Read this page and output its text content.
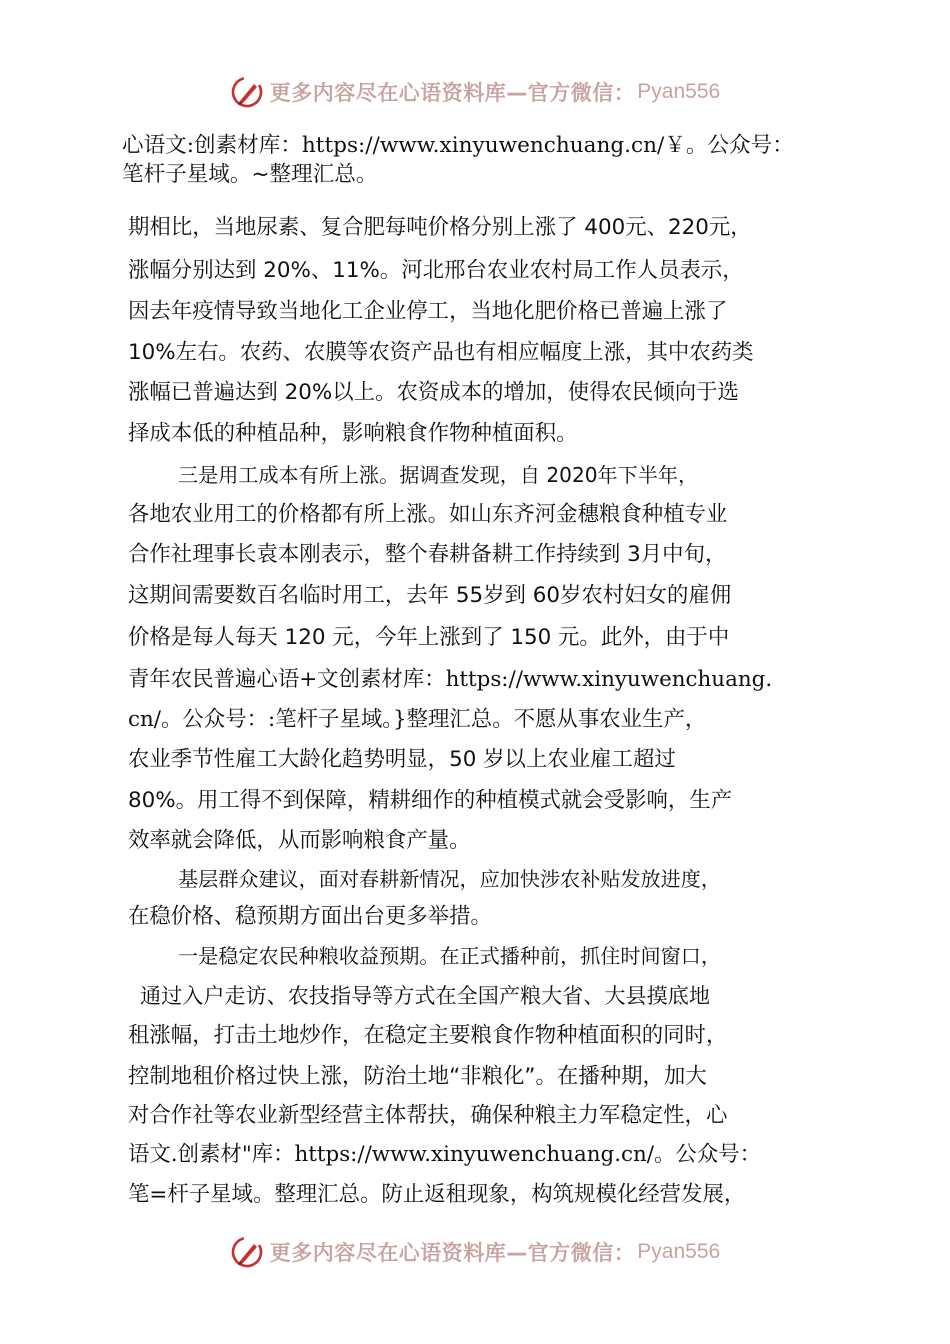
更多内容尽在心语资料库—官方微信： Pyan556

心语文:创素材库：https://www.xinyuwenchuang.cn/￥。公众号：

笔杆子星域。~整理汇总。

期相比，当地尿素、复合肥每吨价格分别上涨了 400元、220元，

涨幅分别达到 20%、11%。河北邢台农业农村局工作人员表示，

因去年疫情导致当地化工企业停工，当地化肥价格已普遍上涨了

10%左右。农药、农膜等农资产品也有相应幅度上涨，其中农药类

涨幅已普遍达到 20%以上。农资成本的增加，使得农民倾向于选

择成本低的种植品种，影响粮食作物种植面积。

三是用工成本有所上涨。据调查发现，自 2020年下半年，

各地农业用工的价格都有所上涨。如山东齐河金穗粮食种植专业

合作社理事长袁本刚表示，整个春耕备耕工作持续到 3月中旬，

这期间需要数百名临时用工，去年 55岁到 60岁农村妇女的雇佣

价格是每人每天 120 元，今年上涨到了 150 元。此外，由于中

青年农民普遍心语+文创素材库：https://www.xinyuwenchuang.

cn/。公众号：:笔杆子星域。}整理汇总。不愿从事农业生产，

农业季节性雇工大龄化趋势明显，50 岁以上农业雇工超过

80%。用工得不到保障，精耕细作的种植模式就会受影响，生产

效率就会降低，从而影响粮食产量。

基层群众建议，面对春耕新情况，应加快涉农补贴发放进度，

在稳价格、稳预期方面出台更多举措。

一是稳定农民种粮收益预期。在正式播种前，抓住时间窗口，

通过入户走访、农技指导等方式在全国产粮大省、大县摸底地

租涨幅，打击土地炒作，在稳定主要粮食作物种植面积的同时，

控制地租价格过快上涨，防治土地“非粮化”。在播种期，加大

对合作社等农业新型经营主体帮扶，确保种粮主力军稳定性，心

语文.创素材"库：https://www.xinyuwenchuang.cn/。公众号：

笔=杆子星域。整理汇总。防止返租现象，构筑规模化经营发展，

更多内容尽在心语资料库—官方微信： Pyan556
